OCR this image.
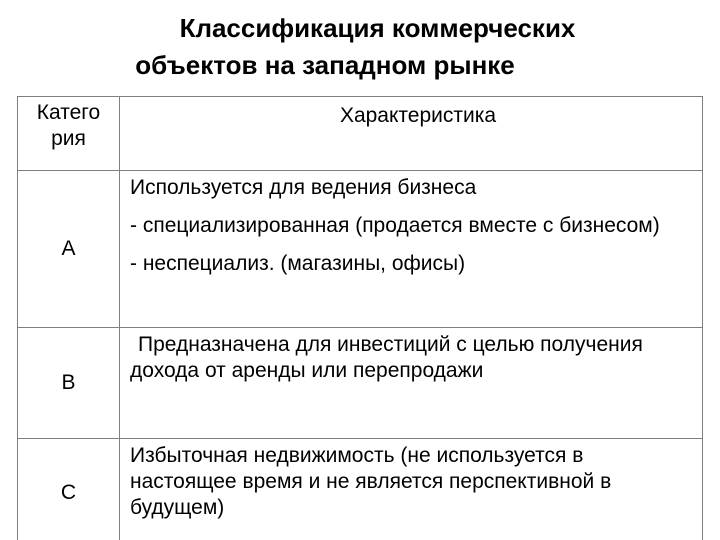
Классификация коммерческих
объектов на западном рынке
Катего рия	Характеристика

А	Используется для ведения бизнеса
- специализированная (продается вместе с бизнесом)
- неспециализ. (магазины, офисы)

В	Предназначена для инвестиций с целью получения дохода от аренды или перепродажи

С	Избыточная недвижимость (не используется в настоящее время и не является перспективной в будущем)
